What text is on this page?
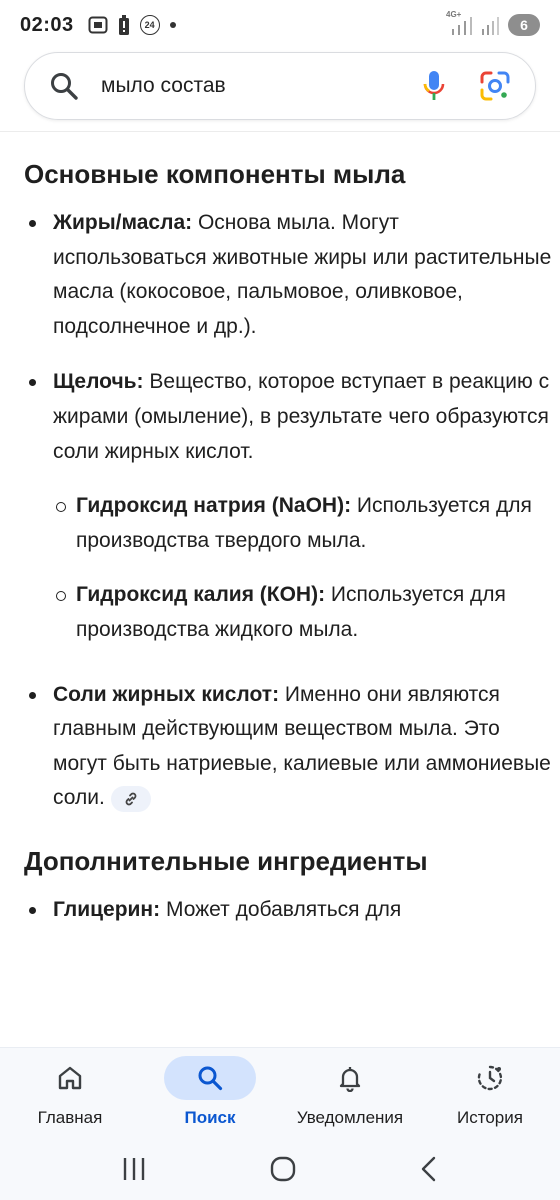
02:03	24
4G+
6
мыло состав
Основные компоненты мыла
Жиры/масла: Основа мыла. Могут использоваться животные жиры или растительные масла (кокосовое, пальмовое, оливковое, подсолнечное и др.).
Щелочь: Вещество, которое вступает в реакцию с жирами (омыление), в результате чего образуются соли жирных кислот.
Гидроксид натрия (NaOH): Используется для производства твердого мыла.
Гидроксид калия (КОН): Используется для производства жидкого мыла.
Соли жирных кислот: Именно они являются главным действующим веществом мыла. Это могут быть натриевые, калиевые или аммониевые соли.
Дополнительные ингредиенты
Глицерин: Может добавляться для
Главная	Поиск	Уведомления	История
